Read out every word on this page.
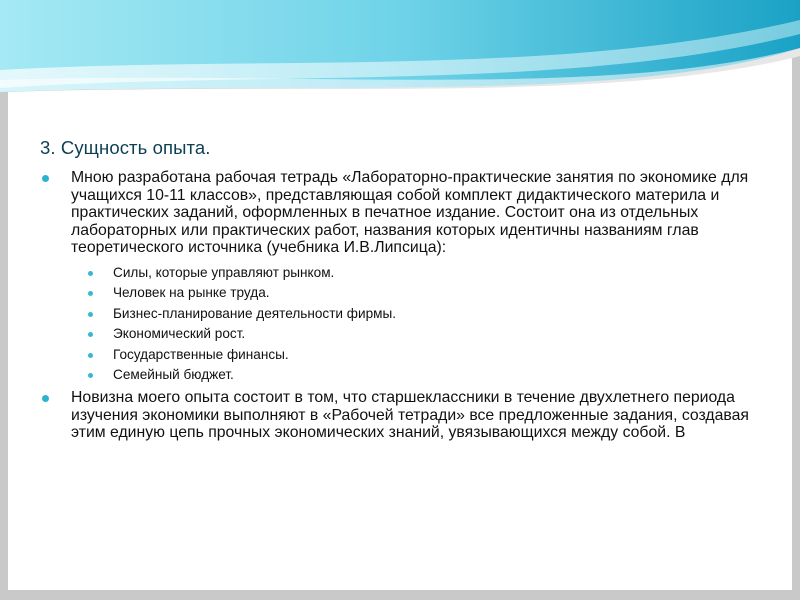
3. Сущность опыта.
Мною разработана рабочая тетрадь «Лабораторно-практические занятия по экономике для учащихся 10-11 классов», представляющая собой комплект дидактического материла и практических заданий, оформленных в печатное издание. Состоит она из отдельных лабораторных или практических работ, названия которых идентичны названиям глав теоретического источника (учебника И.В.Липсица):
Силы, которые управляют рынком.
Человек на рынке труда.
Бизнес-планирование деятельности фирмы.
Экономический рост.
Государственные финансы.
Семейный бюджет.
Новизна моего опыта состоит в том, что старшеклассники в течение двухлетнего периода изучения экономики выполняют в «Рабочей тетради» все предложенные задания, создавая этим единую цепь прочных экономических знаний, увязывающихся между собой. В
